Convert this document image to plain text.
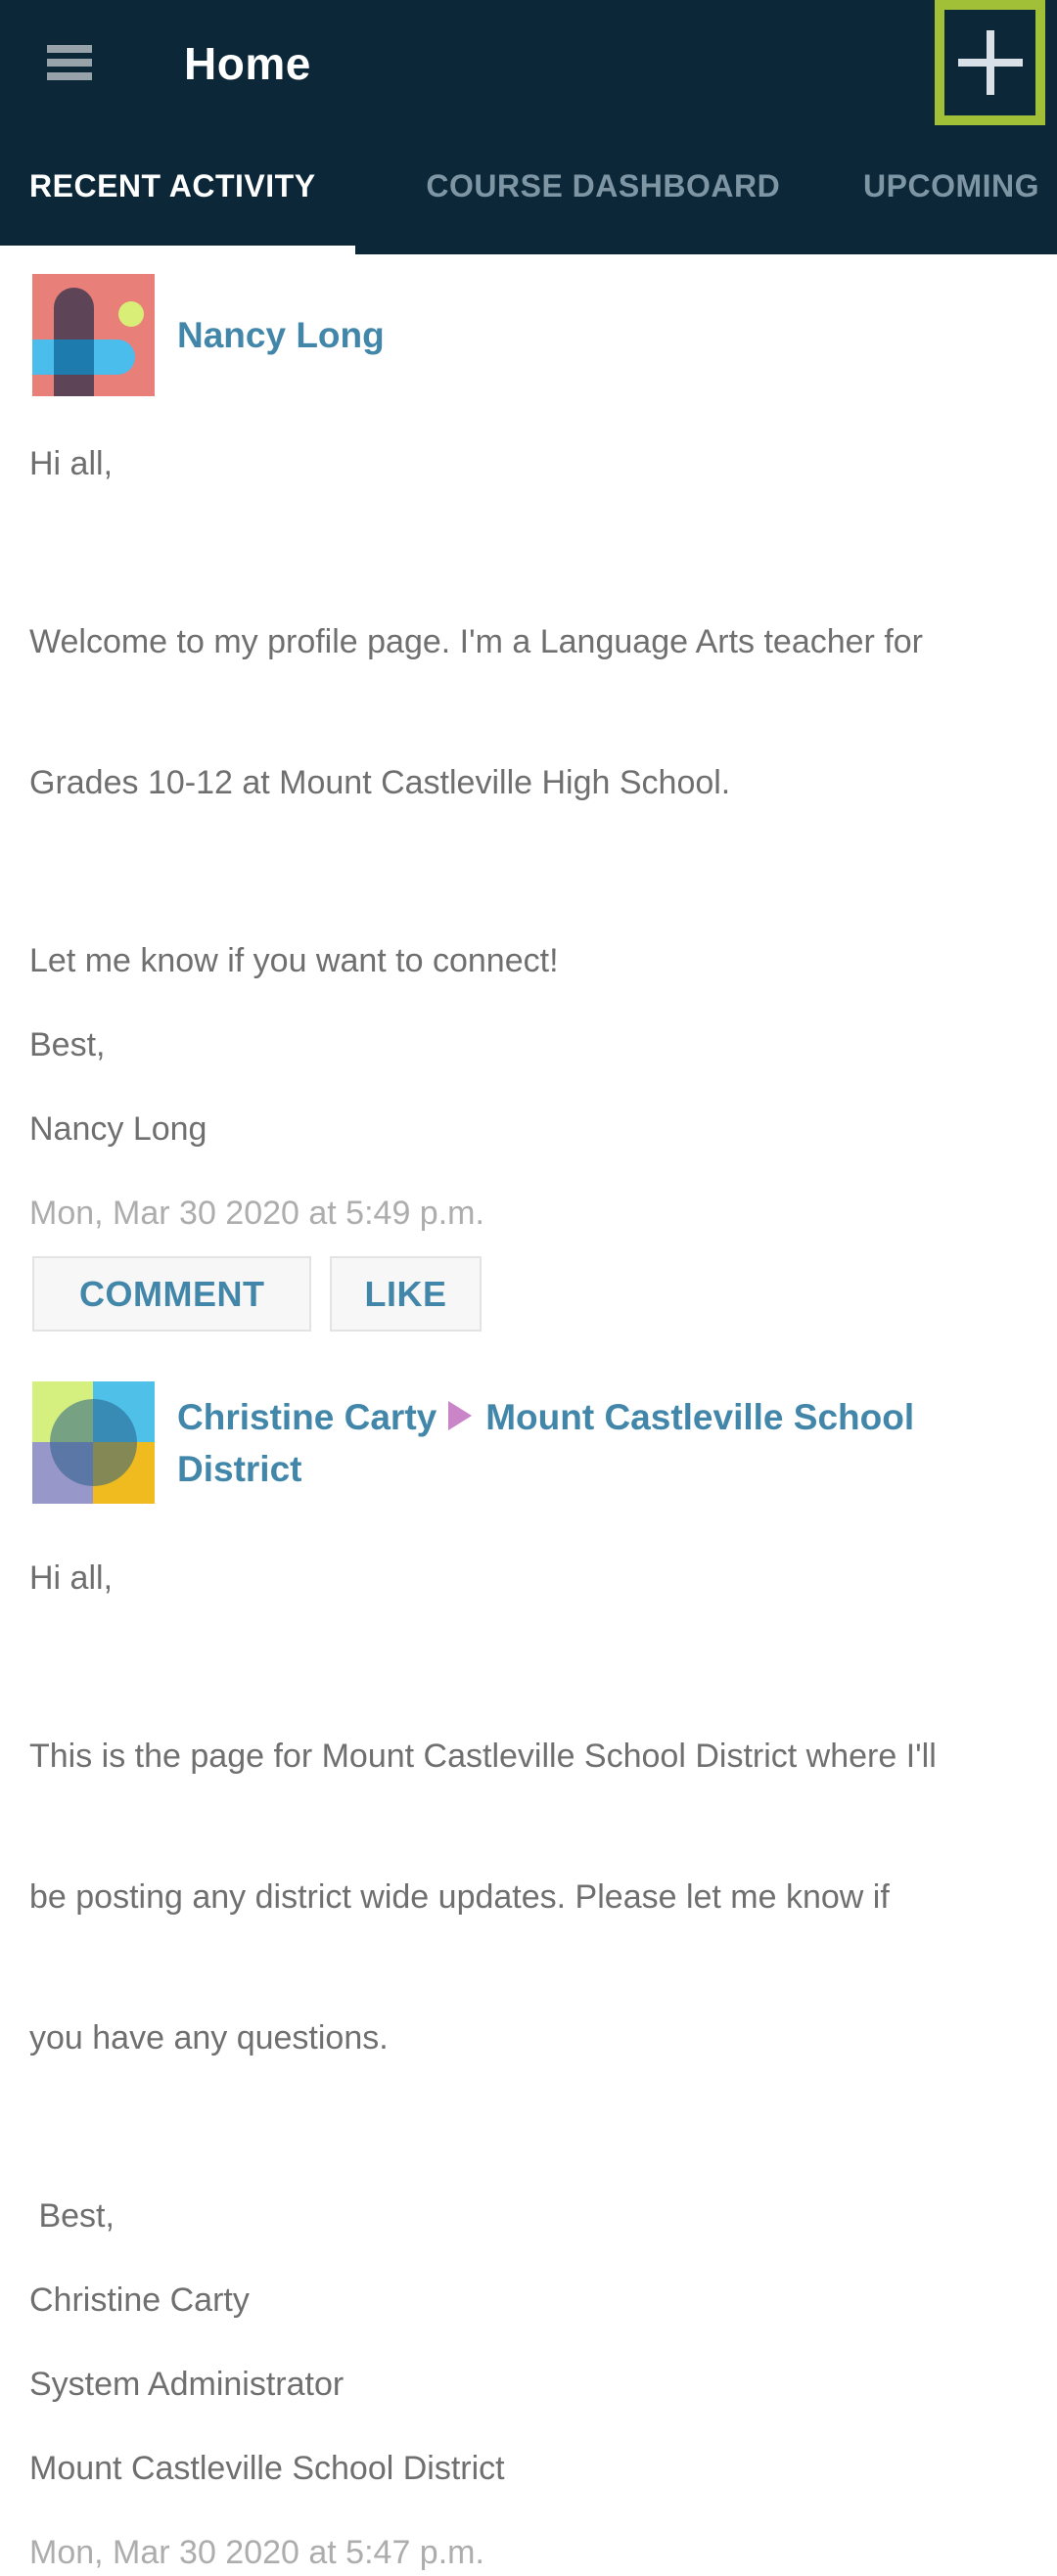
Home
RECENT ACTIVITY	COURSE DASHBOARD	UPCOMING
Nancy Long
Hi all,

Welcome to my profile page. I'm a Language Arts teacher for

Grades 10-12 at Mount Castleville High School.

Let me know if you want to connect!
Best,
Nancy Long
Mon, Mar 30 2020 at 5:49 p.m.
COMMENT	LIKE
Christine Carty Mount Castleville School District
Hi all,

This is the page for Mount Castleville School District where I'll

be posting any district wide updates. Please let me know if

you have any questions.

Best,
Christine Carty
System Administrator
Mount Castleville School District
Mon, Mar 30 2020 at 5:47 p.m.
